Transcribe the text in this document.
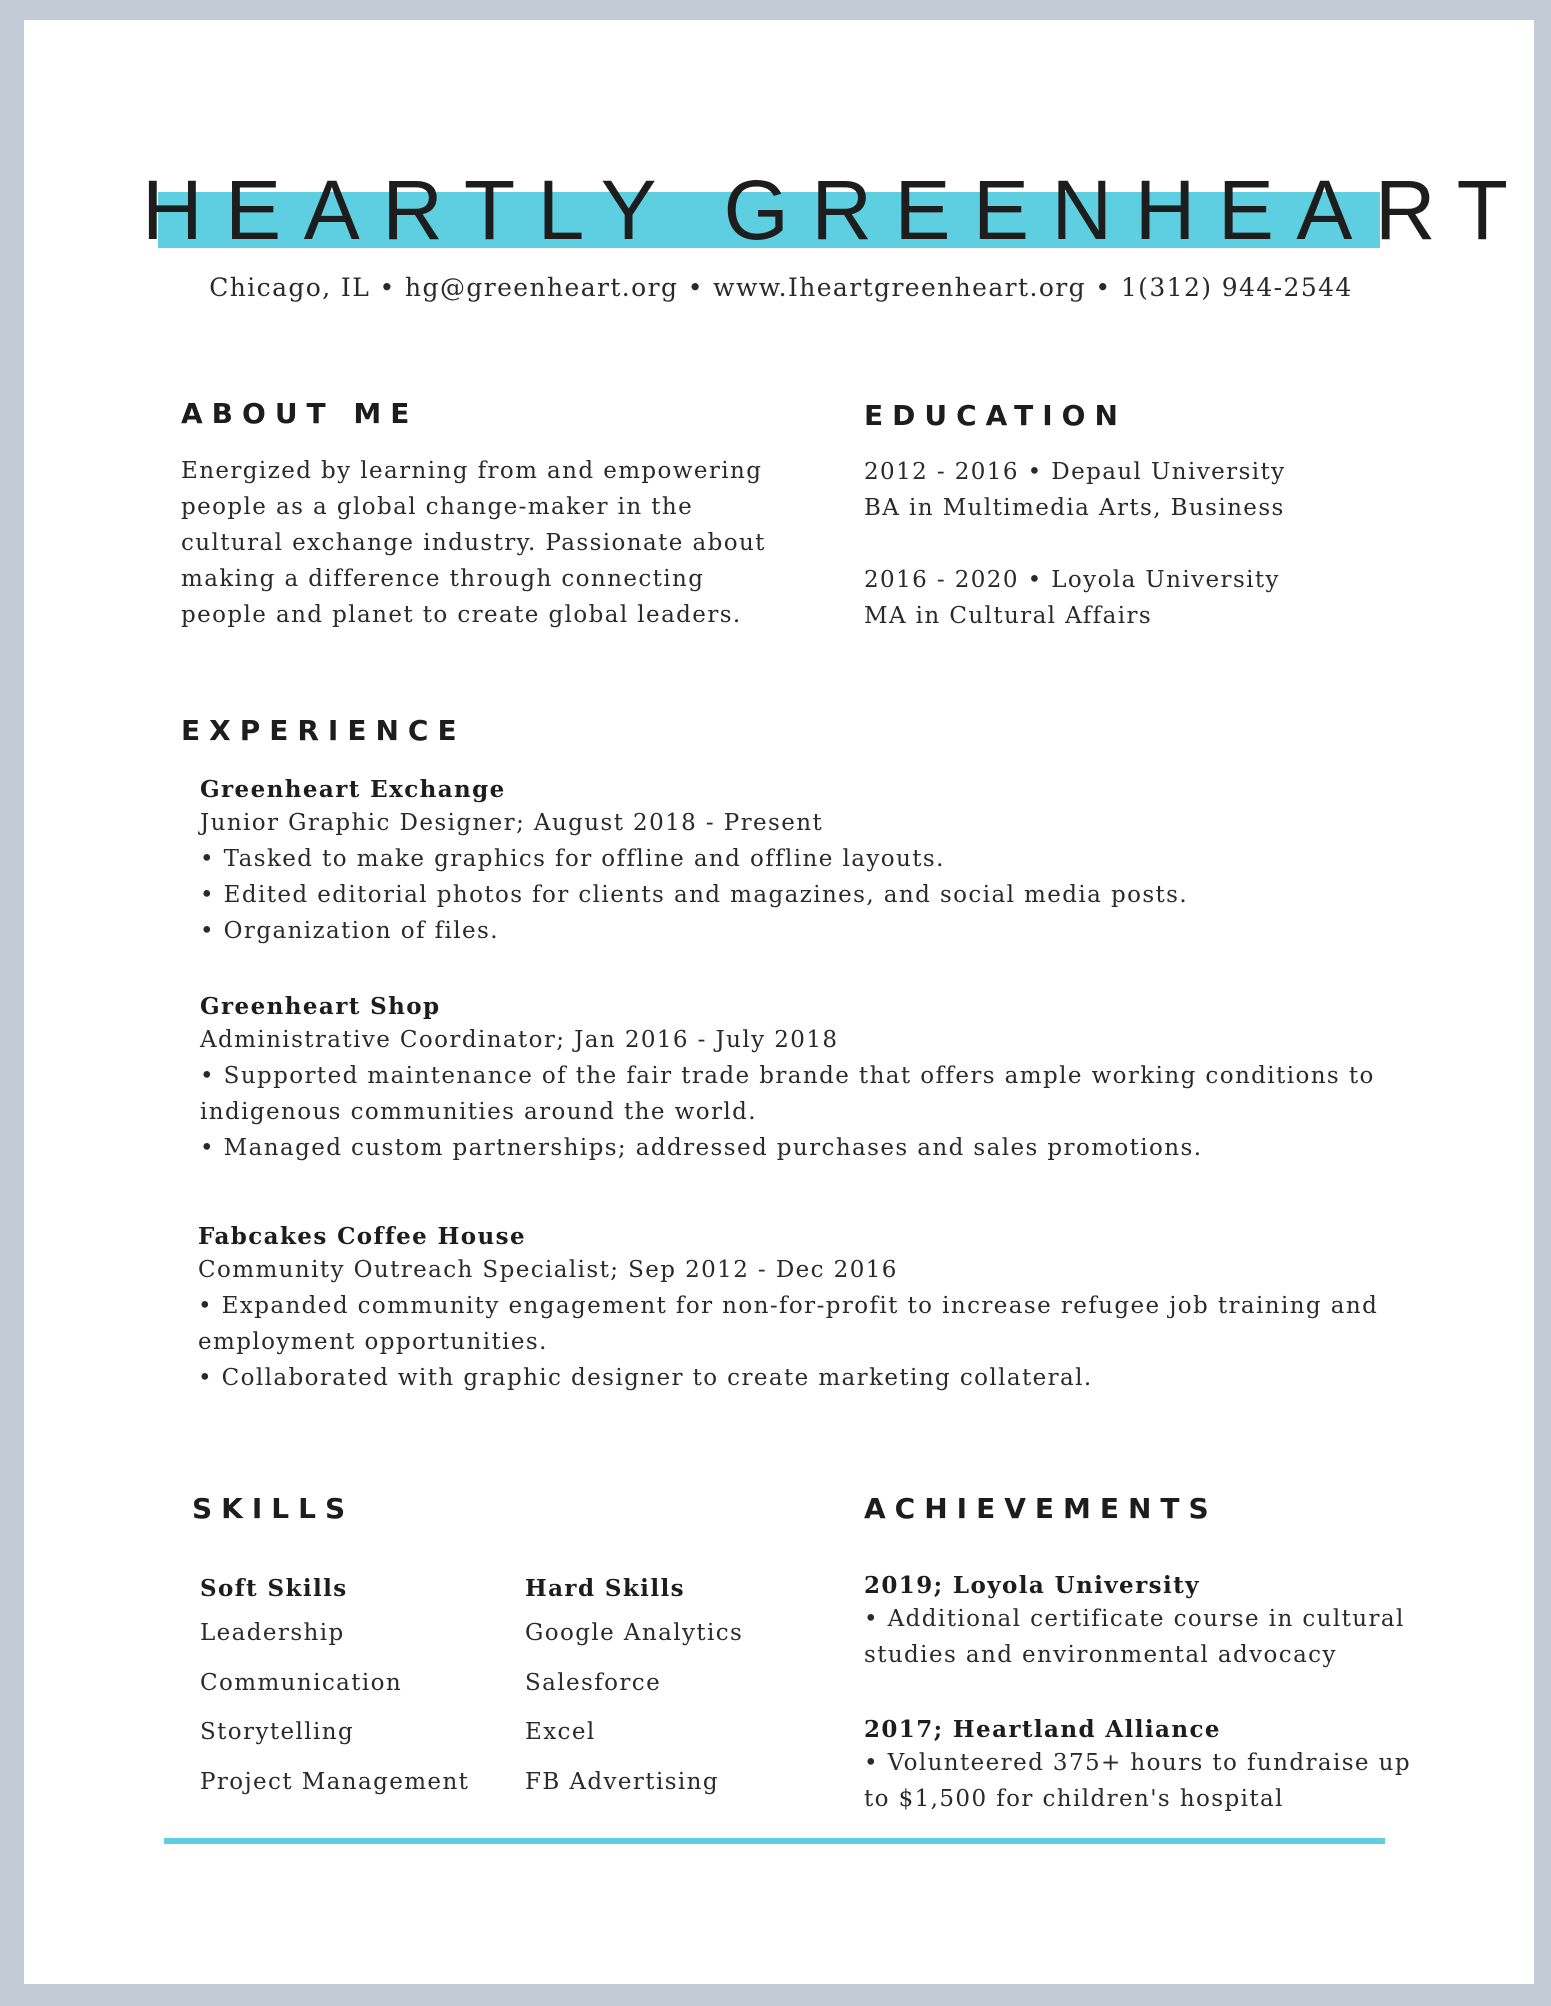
HEARTLY GREENHEART
Chicago, IL • hg@greenheart.org • www.Iheartgreenheart.org • 1(312) 944-2544
ABOUT ME
Energized by learning from and empowering
people as a global change-maker in the
cultural exchange industry. Passionate about
making a difference through connecting
people and planet to create global leaders.
EDUCATION
2012 - 2016 • Depaul University
BA in Multimedia Arts, Business
2016 - 2020 • Loyola University
MA in Cultural Affairs
EXPERIENCE
Greenheart Exchange
Junior Graphic Designer; August 2018 - Present
• Tasked to make graphics for offline and offline layouts.
• Edited editorial photos for clients and magazines, and social media posts.
• Organization of files.
Greenheart Shop
Administrative Coordinator; Jan 2016 - July 2018
• Supported maintenance of the fair trade brande that offers ample working conditions to
indigenous communities around the world.
• Managed custom partnerships; addressed purchases and sales promotions.
Fabcakes Coffee House
Community Outreach Specialist; Sep 2012 - Dec 2016
• Expanded community engagement for non-for-profit to increase refugee job training and
employment opportunities.
• Collaborated with graphic designer to create marketing collateral.
SKILLS
Soft Skills
Leadership
Communication
Storytelling
Project Management
Hard Skills
Google Analytics
Salesforce
Excel
FB Advertising
ACHIEVEMENTS
2019; Loyola University
• Additional certificate course in cultural
studies and environmental advocacy
2017; Heartland Alliance
• Volunteered 375+ hours to fundraise up
to $1,500 for children's hospital
